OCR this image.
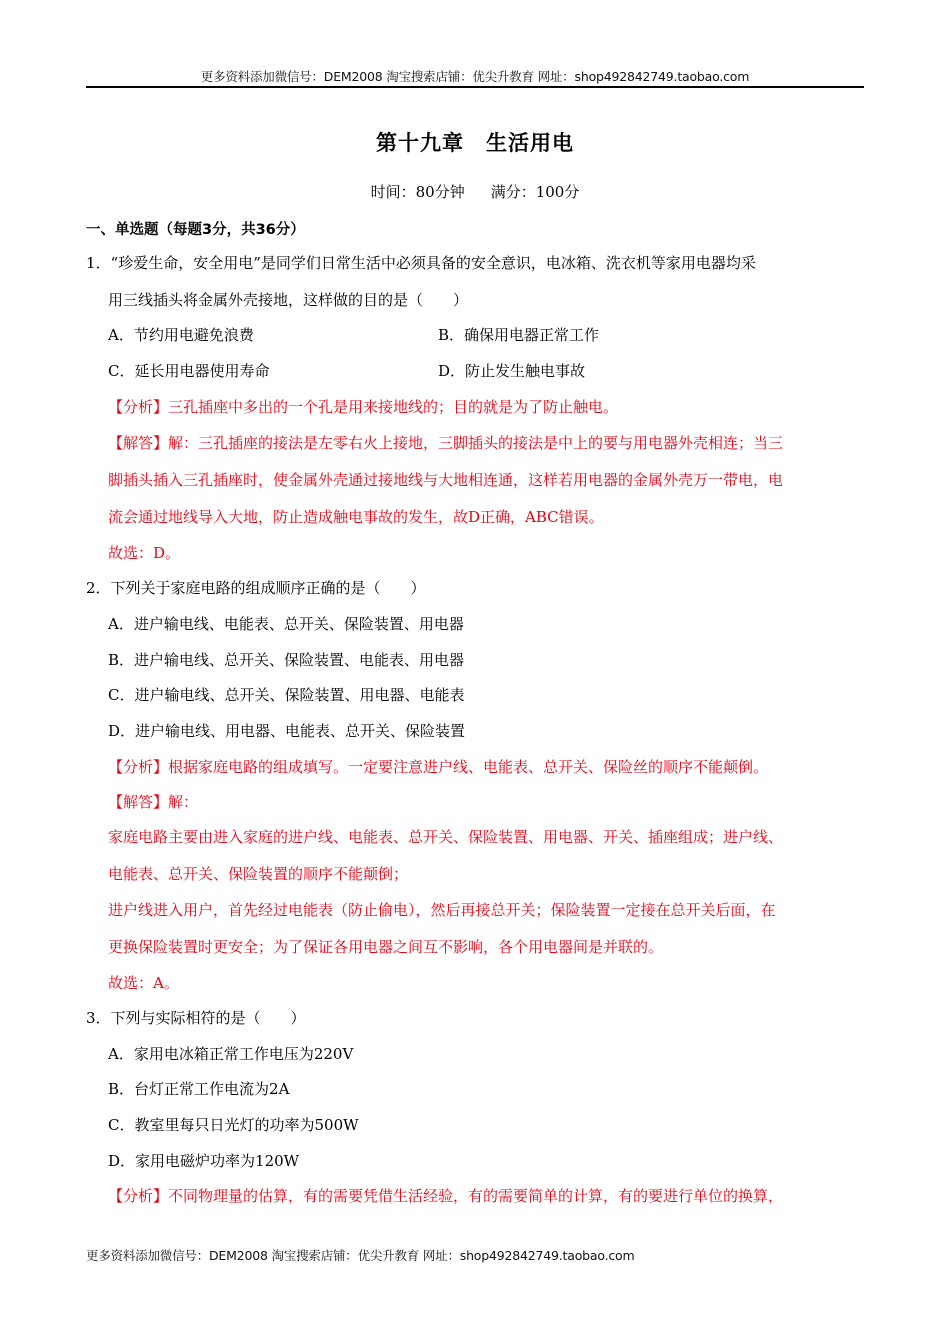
更多资料添加微信号：DEM2008 淘宝搜索店铺：优尖升教育 网址：shop492842749.taobao.com
第十九章　生活用电
时间：80分钟 满分：100分
一、单选题（每题3分，共36分）
1．“珍爱生命，安全用电”是同学们日常生活中必须具备的安全意识，电冰箱、洗衣机等家用电器均采
用三线插头将金属外壳接地，这样做的目的是（　　）
A．节约用电避免浪费	B．确保用电器正常工作
C．延长用电器使用寿命	D．防止发生触电事故
【分析】三孔插座中多出的一个孔是用来接地线的；目的就是为了防止触电。
【解答】解：三孔插座的接法是左零右火上接地，三脚插头的接法是中上的要与用电器外壳相连；当三
脚插头插入三孔插座时，使金属外壳通过接地线与大地相连通，这样若用电器的金属外壳万一带电，电
流会通过地线导入大地，防止造成触电事故的发生，故D正确，ABC错误。
故选：D。
2．下列关于家庭电路的组成顺序正确的是（　　）
A．进户输电线、电能表、总开关、保险装置、用电器
B．进户输电线、总开关、保险装置、电能表、用电器
C．进户输电线、总开关、保险装置、用电器、电能表
D．进户输电线、用电器、电能表、总开关、保险装置
【分析】根据家庭电路的组成填写。一定要注意进户线、电能表、总开关、保险丝的顺序不能颠倒。
【解答】解：
家庭电路主要由进入家庭的进户线、电能表、总开关、保险装置、用电器、开关、插座组成；进户线、
电能表、总开关、保险装置的顺序不能颠倒；
进户线进入用户，首先经过电能表（防止偷电），然后再接总开关；保险装置一定接在总开关后面，在
更换保险装置时更安全；为了保证各用电器之间互不影响，各个用电器间是并联的。
故选：A。
3．下列与实际相符的是（　　）
A．家用电冰箱正常工作电压为220V
B．台灯正常工作电流为2A
C．教室里每只日光灯的功率为500W
D．家用电磁炉功率为120W
【分析】不同物理量的估算，有的需要凭借生活经验，有的需要简单的计算，有的要进行单位的换算，
更多资料添加微信号：DEM2008 淘宝搜索店铺：优尖升教育 网址：shop492842749.taobao.com
